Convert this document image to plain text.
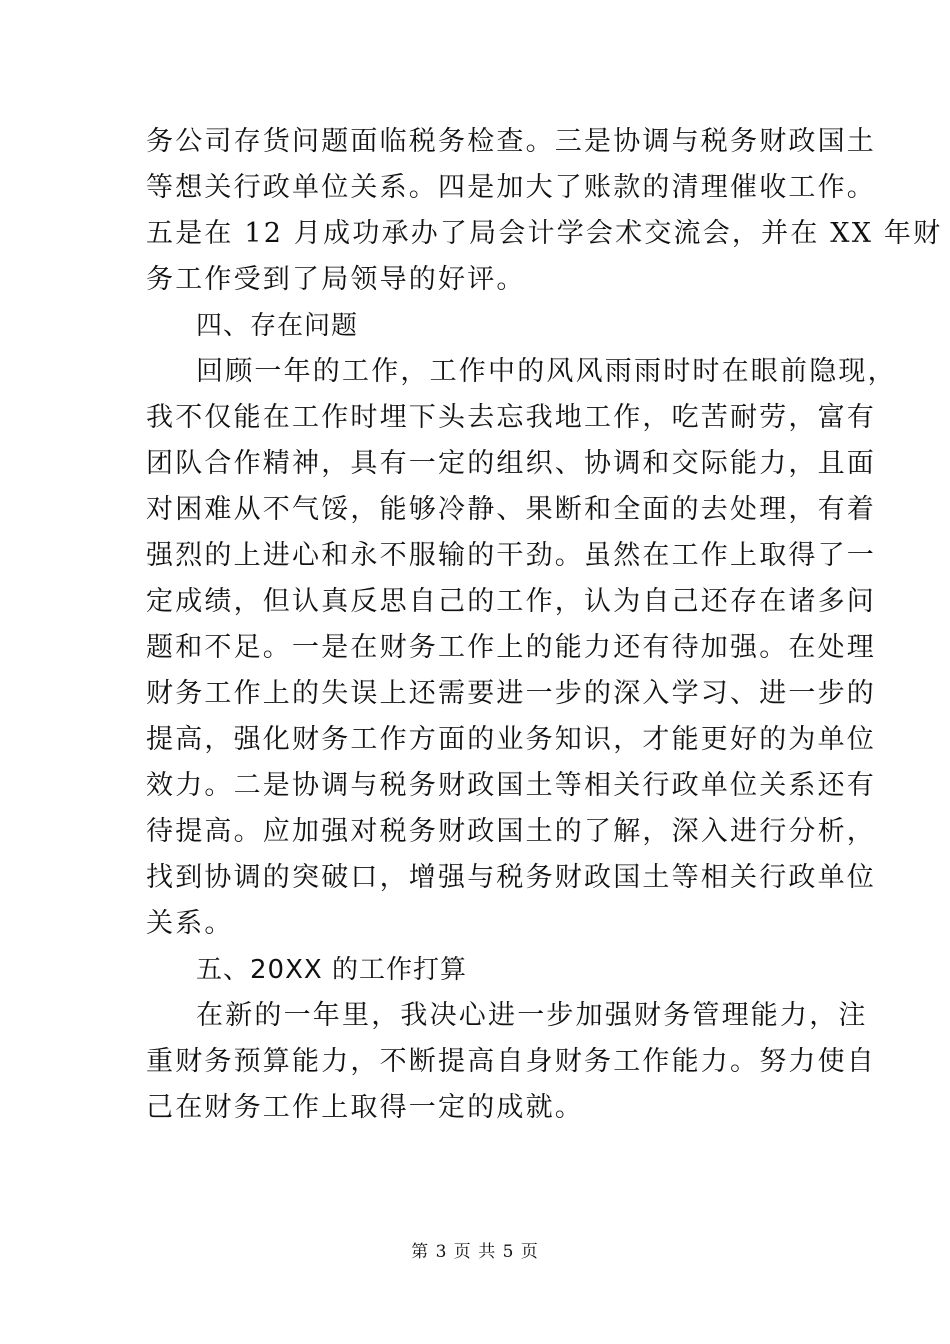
务公司存货问题面临税务检查。三是协调与税务财政国土
等想关行政单位关系。四是加大了账款的清理催收工作。
五是在 12 月成功承办了局会计学会术交流会，并在 XX 年财
务工作受到了局领导的好评。
四、存在问题
回顾一年的工作，工作中的风风雨雨时时在眼前隐现，
我不仅能在工作时埋下头去忘我地工作，吃苦耐劳，富有
团队合作精神，具有一定的组织、协调和交际能力，且面
对困难从不气馁，能够冷静、果断和全面的去处理，有着
强烈的上进心和永不服输的干劲。虽然在工作上取得了一
定成绩，但认真反思自己的工作，认为自己还存在诸多问
题和不足。一是在财务工作上的能力还有待加强。在处理
财务工作上的失误上还需要进一步的深入学习、进一步的
提高，强化财务工作方面的业务知识，才能更好的为单位
效力。二是协调与税务财政国土等相关行政单位关系还有
待提高。应加强对税务财政国土的了解，深入进行分析，
找到协调的突破口，增强与税务财政国土等相关行政单位
关系。
五、20XX 的工作打算
在新的一年里，我决心进一步加强财务管理能力，注
重财务预算能力，不断提高自身财务工作能力。努力使自
己在财务工作上取得一定的成就。
第 3 页 共 5 页
